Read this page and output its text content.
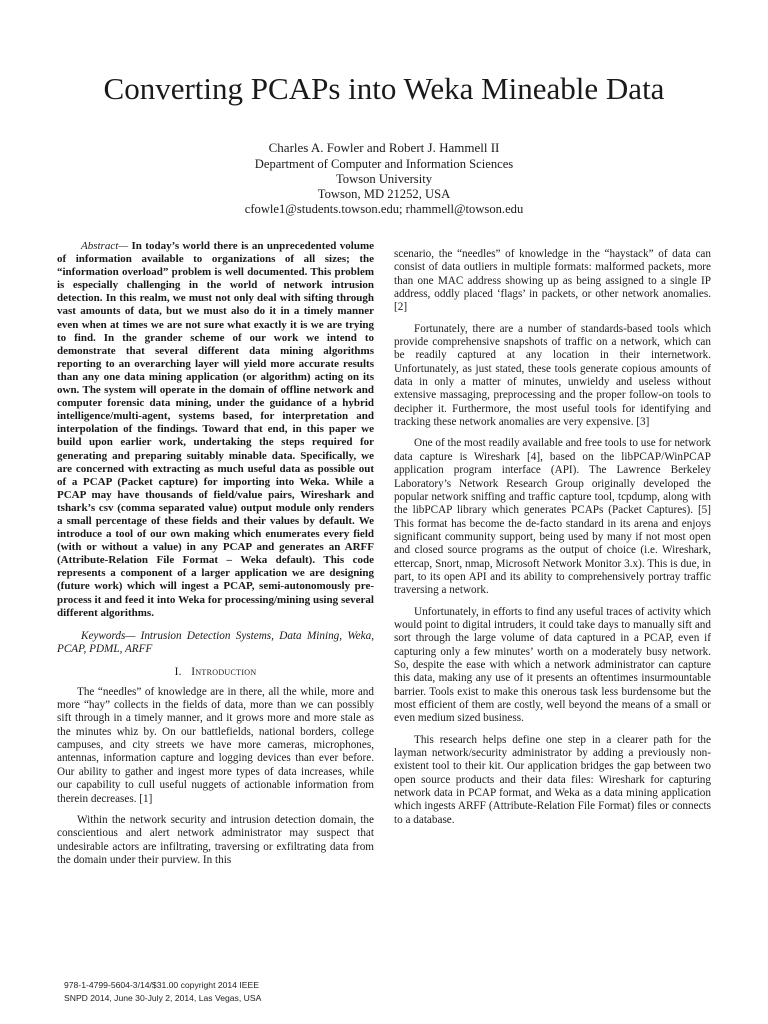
Converting PCAPs into Weka Mineable Data
Charles A. Fowler and Robert J. Hammell II
Department of Computer and Information Sciences
Towson University
Towson, MD 21252, USA
cfowle1@students.towson.edu; rhammell@towson.edu

Abstract— In today’s world there is an unprecedented volume of information available to organizations of all sizes; the “information overload” problem is well documented. This problem is especially challenging in the world of network intrusion detection. In this realm, we must not only deal with sifting through vast amounts of data, but we must also do it in a timely manner even when at times we are not sure what exactly it is we are trying to find. In the grander scheme of our work we intend to demonstrate that several different data mining algorithms reporting to an overarching layer will yield more accurate results than any one data mining application (or algorithm) acting on its own. The system will operate in the domain of offline network and computer forensic data mining, under the guidance of a hybrid intelligence/multi-agent, systems based, for interpretation and interpolation of the findings. Toward that end, in this paper we build upon earlier work, undertaking the steps required for generating and preparing suitably minable data. Specifically, we are concerned with extracting as much useful data as possible out of a PCAP (Packet capture) for importing into Weka. While a PCAP may have thousands of field/value pairs, Wireshark and tshark’s csv (comma separated value) output module only renders a small percentage of these fields and their values by default. We introduce a tool of our own making which enumerates every field (with or without a value) in any PCAP and generates an ARFF (Attribute-Relation File Format – Weka default). This code represents a component of a larger application we are designing (future work) which will ingest a PCAP, semi-autonomously pre-process it and feed it into Weka for processing/mining using several different algorithms.

Keywords— Intrusion Detection Systems, Data Mining, Weka, PCAP, PDML, ARFF

I. Introduction

The “needles” of knowledge are in there, all the while, more and more “hay” collects in the fields of data, more than we can possibly sift through in a timely manner, and it grows more and more stale as the minutes whiz by. On our battlefields, national borders, college campuses, and city streets we have more cameras, microphones, antennas, information capture and logging devices than ever before. Our ability to gather and ingest more types of data increases, while our capability to cull useful nuggets of actionable information from therein decreases. [1]

Within the network security and intrusion detection domain, the conscientious and alert network administrator may suspect that undesirable actors are infiltrating, traversing or exfiltrating data from the domain under their purview. In this

scenario, the “needles” of knowledge in the “haystack” of data can consist of data outliers in multiple formats: malformed packets, more than one MAC address showing up as being assigned to a single IP address, oddly placed ‘flags’ in packets, or other network anomalies. [2]

Fortunately, there are a number of standards-based tools which provide comprehensive snapshots of traffic on a network, which can be readily captured at any location in their internetwork. Unfortunately, as just stated, these tools generate copious amounts of data in only a matter of minutes, unwieldy and useless without extensive massaging, preprocessing and the proper follow-on tools to decipher it. Furthermore, the most useful tools for identifying and tracking these network anomalies are very expensive. [3]

One of the most readily available and free tools to use for network data capture is Wireshark [4], based on the libPCAP/WinPCAP application program interface (API). The Lawrence Berkeley Laboratory’s Network Research Group originally developed the popular network sniffing and traffic capture tool, tcpdump, along with the libPCAP library which generates PCAPs (Packet Captures). [5] This format has become the de-facto standard in its arena and enjoys significant community support, being used by many if not most open and closed source programs as the output of choice (i.e. Wireshark, ettercap, Snort, nmap, Microsoft Network Monitor 3.x). This is due, in part, to its open API and its ability to comprehensively portray traffic traversing a network.

Unfortunately, in efforts to find any useful traces of activity which would point to digital intruders, it could take days to manually sift and sort through the large volume of data captured in a PCAP, even if capturing only a few minutes’ worth on a moderately busy network. So, despite the ease with which a network administrator can capture this data, making any use of it presents an oftentimes insurmountable barrier. Tools exist to make this onerous task less burdensome but the most efficient of them are costly, well beyond the means of a small or even medium sized business.

This research helps define one step in a clearer path for the layman network/security administrator by adding a previously non-existent tool to their kit. Our application bridges the gap between two open source products and their data files: Wireshark for capturing network data in PCAP format, and Weka as a data mining application which ingests ARFF (Attribute-Relation File Format) files or connects to a database.

978-1-4799-5604-3/14/$31.00 copyright 2014 IEEE
SNPD 2014, June 30-July 2, 2014, Las Vegas, USA
